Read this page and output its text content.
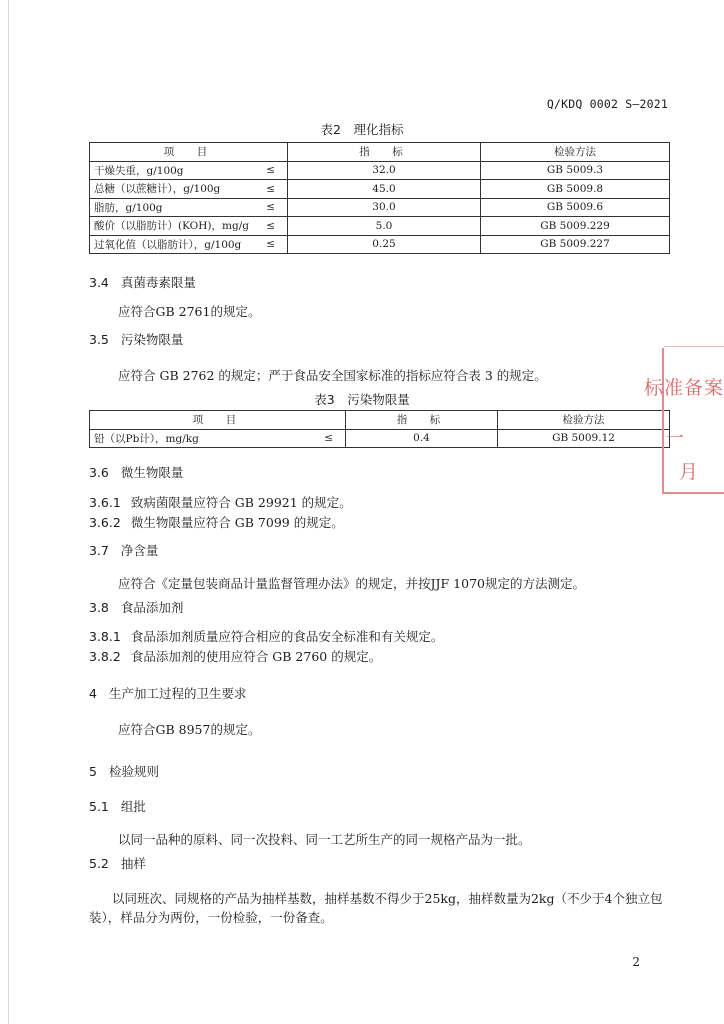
Q/KDQ 0002 S—2021
表2　理化指标
项　目	指　标	检验方法

干燥失重，g/100g ≤	32.0	GB 5009.3

总糖（以蔗糖计），g/100g ≤	45.0	GB 5009.8

脂肪，g/100g ≤	30.0	GB 5009.6

酸价（以脂肪计）(KOH)，mg/g ≤	5.0	GB 5009.229

过氧化值（以脂肪计），g/100g ≤	0.25	GB 5009.227
3.4 真菌毒素限量
应符合GB 2761的规定。
3.5 污染物限量
应符合 GB 2762 的规定；严于食品安全国家标准的指标应符合表 3 的规定。
表3　污染物限量
项　目	指　标	检验方法

铅（以Pb计），mg/kg ≤	0.4	GB 5009.12
3.6 微生物限量
3.6.1 致病菌限量应符合 GB 29921 的规定。
3.6.2 微生物限量应符合 GB 7099 的规定。
3.7 净含量
应符合《定量包装商品计量监督管理办法》的规定，并按JJF 1070规定的方法测定。
3.8 食品添加剂
3.8.1 食品添加剂质量应符合相应的食品安全标准和有关规定。
3.8.2 食品添加剂的使用应符合 GB 2760 的规定。
4 生产加工过程的卫生要求
应符合GB 8957的规定。
5 检验规则
5.1 组批
以同一品种的原料、同一次投料、同一工艺所生产的同一规格产品为一批。
5.2 抽样
以同班次、同规格的产品为抽样基数，抽样基数不得少于25kg，抽样数量为2kg（不少于4个独立包
装），样品分为两份，一份检验，一份备查。
标准备案
一
月
2
